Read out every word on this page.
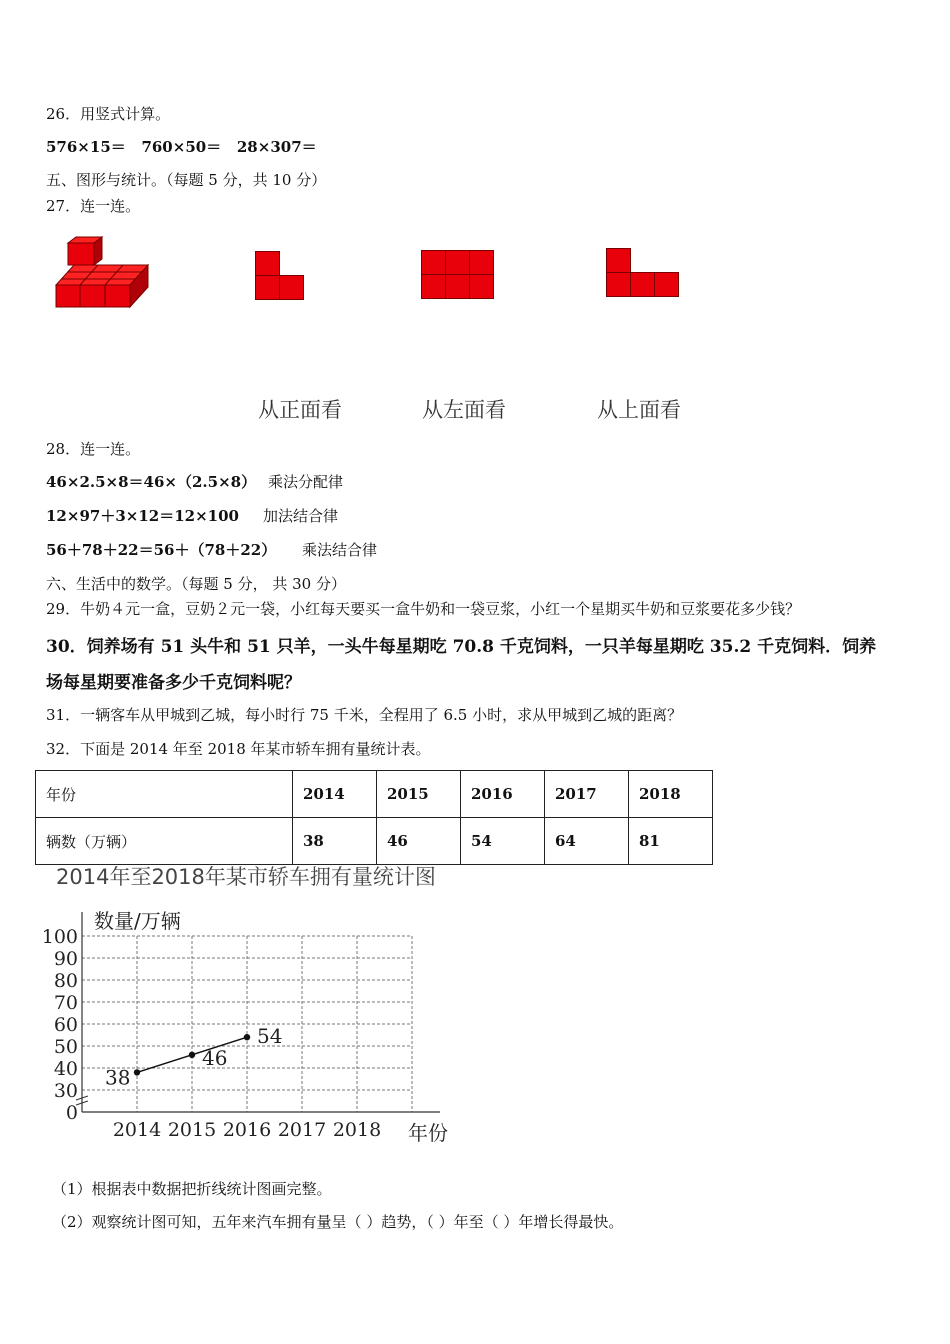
26．用竖式计算。
576×15＝ 760×50＝ 28×307＝
五、图形与统计。（每题 5 分，共 10 分）
27．连一连。
从正面看	从左面看	从上面看
28．连一连。
46×2.5×8＝46×（2.5×8） 乘法分配律
12×97＋3×12＝12×100 加法结合律
56＋78＋22＝56＋（78＋22） 乘法结合律
六、生活中的数学。（每题 5 分， 共 30 分）
29．牛奶４元一盒，豆奶２元一袋，小红每天要买一盒牛奶和一袋豆浆，小红一个星期买牛奶和豆浆要花多少钱？
30．饲养场有 51 头牛和 51 只羊，一头牛每星期吃 70.8 千克饲料，一只羊每星期吃 35.2 千克饲料．饲养
场每星期要准备多少千克饲料呢？
31．一辆客车从甲城到乙城，每小时行 75 千米，全程用了 6.5 小时，求从甲城到乙城的距离？
32．下面是 2014 年至 2018 年某市轿车拥有量统计表。
年份	2014	2015	2016	2017	2018
辆数（万辆）	38	46	54	64	81
2014年至2018年某市轿车拥有量统计图
数量/万辆
年份
0
30
40
50
60
70
80
90
100
2014 2015 2016 2017 2018
38
46
54
（1）根据表中数据把折线统计图画完整。
（2）观察统计图可知，五年来汽车拥有量呈（ ）趋势，（ ）年至（ ）年增长得最快。
